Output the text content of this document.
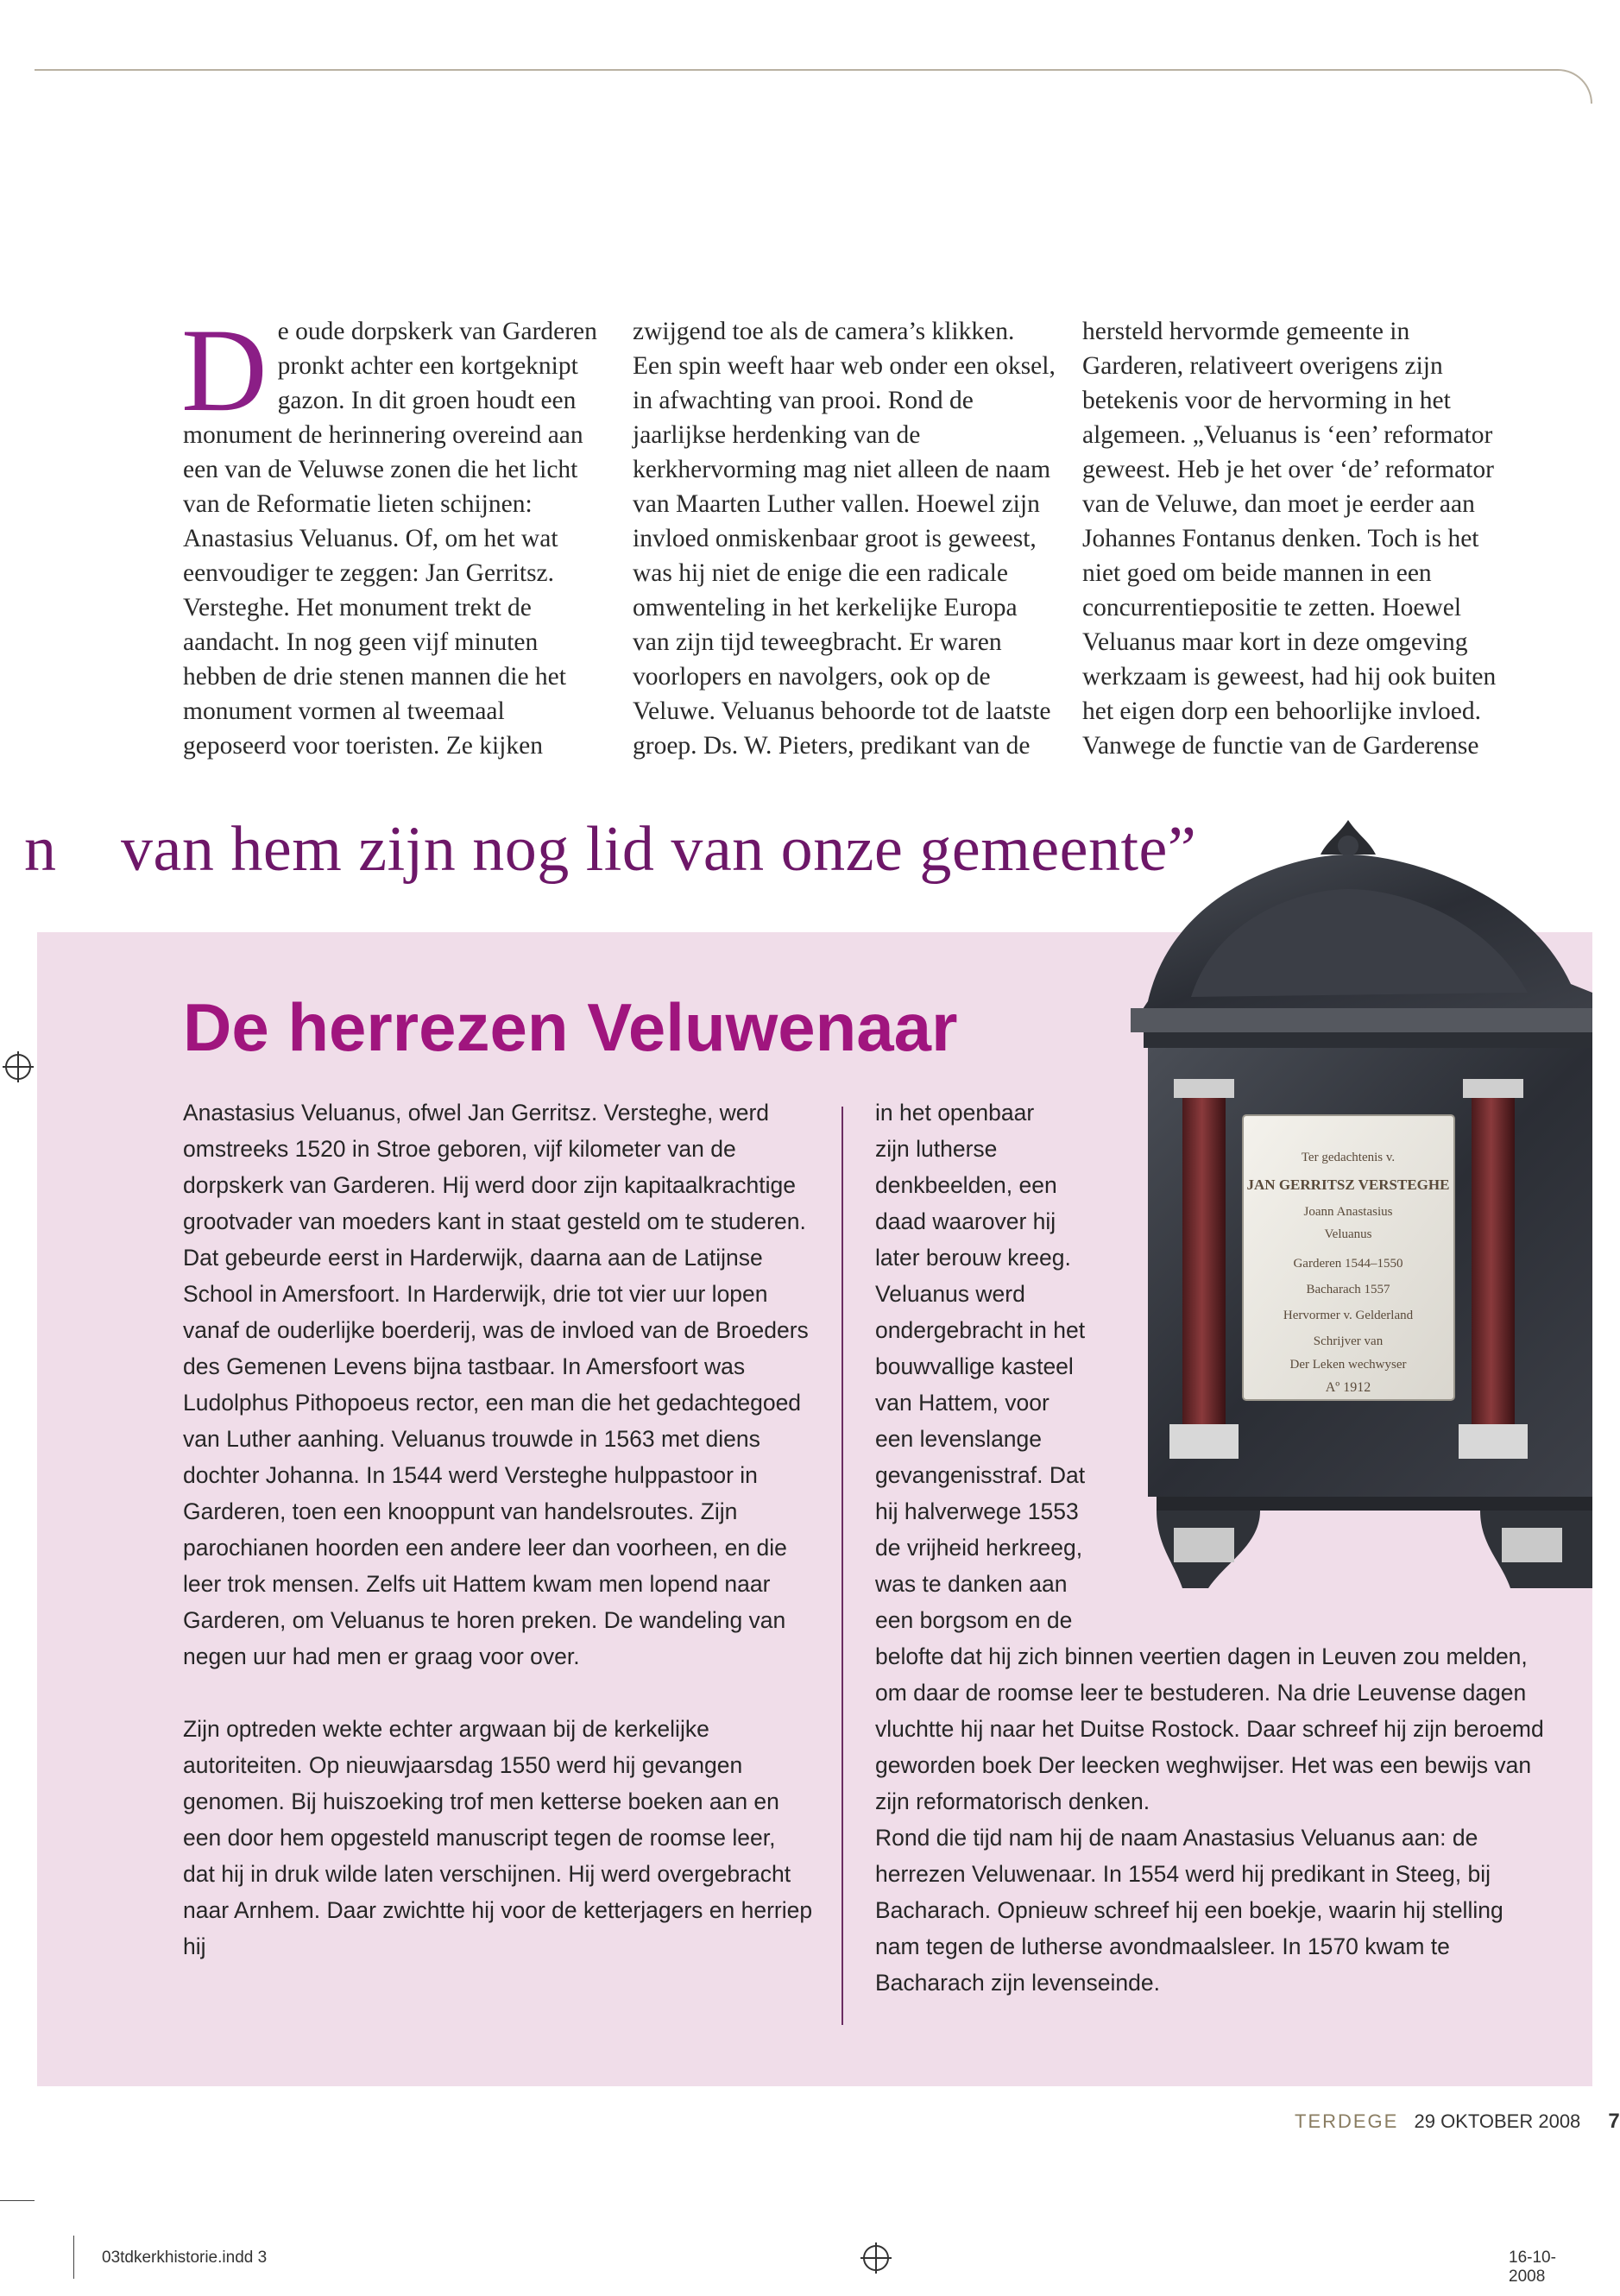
D e oude dorpskerk van Garderen pronkt achter een kortgeknipt gazon. In dit groen houdt een monument de herinnering overeind aan een van de Veluwse zonen die het licht van de Reformatie lieten schijnen: Anastasius Veluanus. Of, om het wat eenvoudiger te zeggen: Jan Gerritsz. Versteghe. Het monument trekt de aandacht. In nog geen vijf minuten hebben de drie stenen mannen die het monument vormen al tweemaal geposeerd voor toeristen. Ze kijken

zwijgend toe als de camera’s klikken. Een spin weeft haar web onder een oksel, in afwachting van prooi. Rond de jaarlijkse herdenking van de kerkhervorming mag niet alleen de naam van Maarten Luther vallen. Hoewel zijn invloed onmiskenbaar groot is geweest, was hij niet de enige die een radicale omwenteling in het kerkelijke Europa van zijn tijd teweegbracht. Er waren voorlopers en navolgers, ook op de Veluwe. Veluanus behoorde tot de laatste groep. Ds. W. Pieters, predikant van de

hersteld hervormde gemeente in Garderen, relativeert overigens zijn betekenis voor de hervorming in het algemeen. „Veluanus is ‘een’ reformator geweest. Heb je het over ‘de’ reformator van de Veluwe, dan moet je eerder aan Johannes Fontanus denken. Toch is het niet goed om beide mannen in een concurrentiepositie te zetten. Hoewel Veluanus maar kort in deze omgeving werkzaam is geweest, had hij ook buiten het eigen dorp een behoorlijke invloed. Vanwege de functie van de Garderense

n van hem zijn nog lid van onze gemeente”
De herrezen Veluwenaar

Anastasius Veluanus, ofwel Jan Gerritsz. Versteghe, werd omstreeks 1520 in Stroe geboren, vijf kilometer van de dorpskerk van Garderen. Hij werd door zijn kapitaalkrachtige grootvader van moeders kant in staat gesteld om te studeren. Dat gebeurde eerst in Harderwijk, daarna aan de Latijnse School in Amersfoort. In Harderwijk, drie tot vier uur lopen vanaf de ouderlijke boerderij, was de invloed van de Broeders des Gemenen Levens bijna tastbaar. In Amersfoort was Ludolphus Pithopoeus rector, een man die het gedachtegoed van Luther aanhing. Veluanus trouwde in 1563 met diens dochter Johanna. In 1544 werd Versteghe hulppastoor in Garderen, toen een knooppunt van handelsroutes. Zijn parochianen hoorden een andere leer dan voorheen, en die leer trok mensen. Zelfs uit Hattem kwam men lopend naar Garderen, om Veluanus te horen preken. De wandeling van negen uur had men er graag voor over.

Zijn optreden wekte echter argwaan bij de kerkelijke autoriteiten. Op nieuwjaarsdag 1550 werd hij gevangen genomen. Bij huiszoeking trof men ketterse boeken aan en een door hem opgesteld manuscript tegen de roomse leer, dat hij in druk wilde laten verschijnen. Hij werd overgebracht naar Arnhem. Daar zwichtte hij voor de ketterjagers en herriep hij

in het openbaar
zijn lutherse
denkbeelden, een
daad waarover hij
later berouw kreeg.
Veluanus werd
ondergebracht in het
bouwvallige kasteel
van Hattem, voor
een levenslange
gevangenisstraf. Dat
hij halverwege 1553
de vrijheid herkreeg,
was te danken aan
een borgsom en de

belofte dat hij zich binnen veertien dagen in Leuven zou melden, om daar de roomse leer te bestuderen. Na drie Leuvense dagen vluchtte hij naar het Duitse Rostock. Daar schreef hij zijn beroemd geworden boek Der leecken weghwijser. Het was een bewijs van zijn reformatorisch denken.

Rond die tijd nam hij de naam Anastasius Veluanus aan: de herrezen Veluwenaar. In 1554 werd hij predikant in Steeg, bij Bacharach. Opnieuw schreef hij een boekje, waarin hij stelling nam tegen de lutherse avondmaalsleer. In 1570 kwam te Bacharach zijn levenseinde.

Ter gedachtenis v.
JAN GERRITSZ VERSTEGHE
Joann Anastasius
Veluanus
Garderen 1544–1550
Bacharach 1557
Hervormer v. Gelderland
Schrijver van
Der Leken wechwyser
Aº 1912
TERDEGE 29 OKTOBER 2008 7
03tdkerkhistorie.indd 3	16-10-2008
